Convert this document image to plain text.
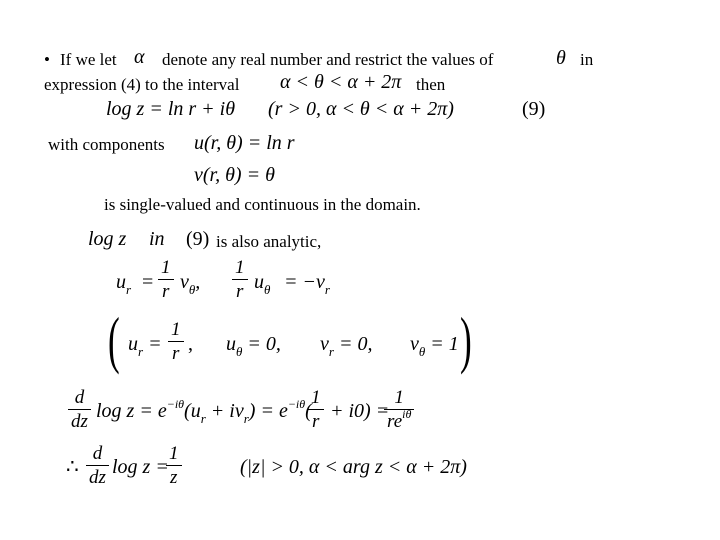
• If we let α denote any real number and restrict the values of	θ in
expression (4) to the interval α < θ < α + 2π then
log z = ln r + iθ (r > 0, α < θ < α + 2π)	(9)
with components u(r, θ) = ln r
v(r, θ) = θ
is single-valued and continuous in the domain.
log z in (9) is also analytic,
$u_r = \frac{1}{r} v_\theta$, $\frac{1}{r} u_\theta = -v_r$
( $u_r = \frac{1}{r}$ , $u_\theta = 0$, $v_r = 0$, $v_\theta = 1$ )
$\frac{d}{dz}$ $\log z = e^{-i\theta}(u_r + iv_r) = e^{-i\theta}$(
$\frac{1}{r} + i0$) =
1
$re^{i\theta}$
∴ $\frac{d}{dz}$ log z =
$\frac{1}{z}$	(|z| > 0, α < arg z < α + 2π)
